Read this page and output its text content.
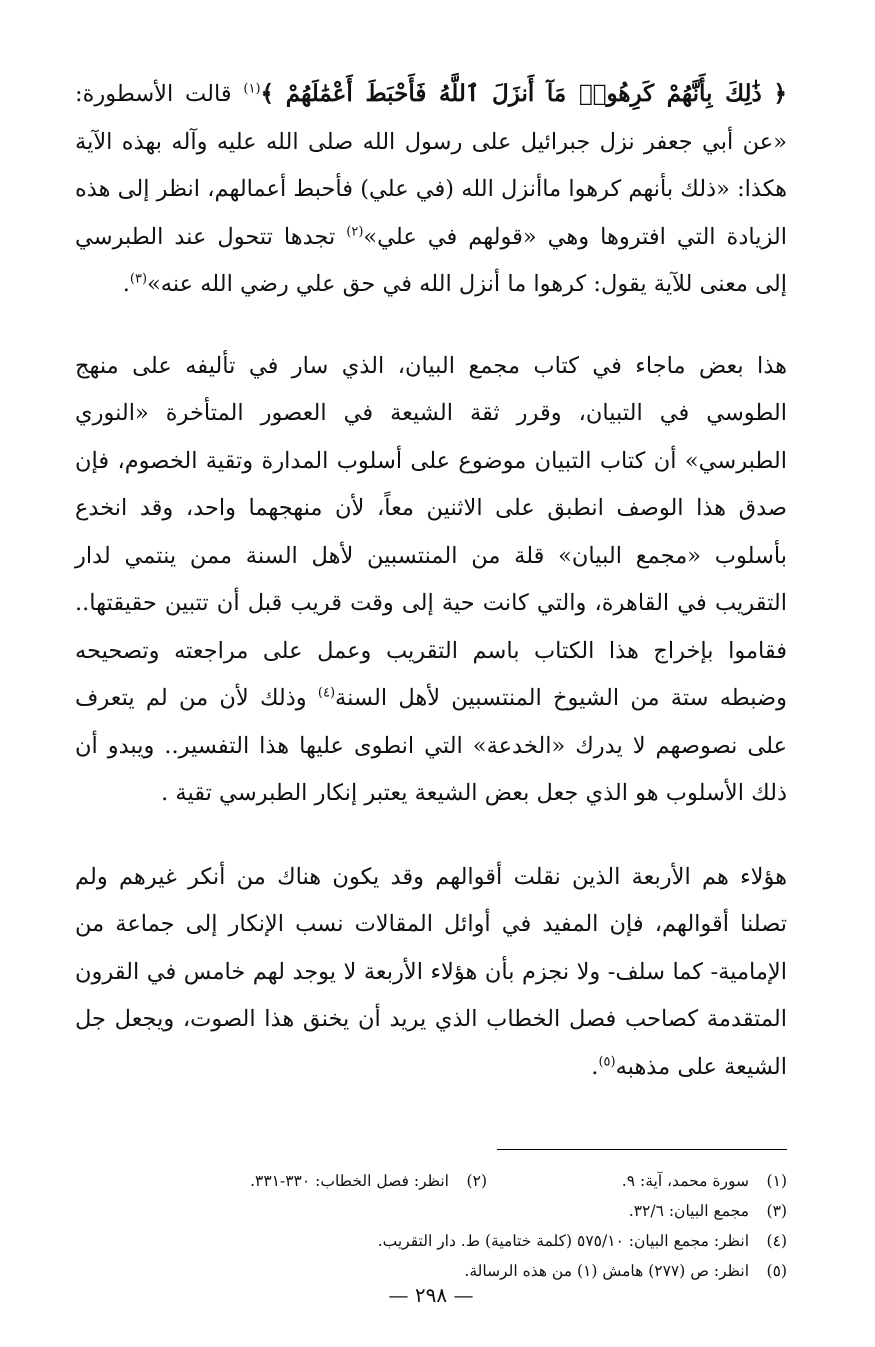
﴿ ذَٰلِكَ بِأَنَّهُمْ كَرِهُوا۟ مَآ أَنزَلَ ٱللَّهُ فَأَحْبَطَ أَعْمَٰلَهُمْ ﴾$^{(١)}$ قالت الأسطورة: «عن أبي جعفر نزل جبرائيل على رسول الله صلى الله عليه وآله بهذه الآية هكذا: «ذلك بأنهم كرهوا ماأنزل الله (في علي) فأحبط أعمالهم، انظر إلى هذه الزيادة التي افتروها وهي «قولهم في علي»$^{(٢)}$ تجدها تتحول عند الطبرسي إلى معنى للآية يقول: كرهوا ما أنزل الله في حق علي رضي الله عنه»$^{(٣)}$.

هذا بعض ماجاء في كتاب مجمع البيان، الذي سار في تأليفه على منهج الطوسي في التبيان، وقرر ثقة الشيعة في العصور المتأخرة «النوري الطبرسي» أن كتاب التبيان موضوع على أسلوب المدارة وتقية الخصوم، فإن صدق هذا الوصف انطبق على الاثنين معاً، لأن منهجهما واحد، وقد انخدع بأسلوب «مجمع البيان» قلة من المنتسبين لأهل السنة ممن ينتمي لدار التقريب في القاهرة، والتي كانت حية إلى وقت قريب قبل أن تتبين حقيقتها.. فقاموا بإخراج هذا الكتاب باسم التقريب وعمل على مراجعته وتصحيحه وضبطه ستة من الشيوخ المنتسبين لأهل السنة$^{(٤)}$ وذلك لأن من لم يتعرف على نصوصهم لا يدرك «الخدعة» التي انطوى عليها هذا التفسير.. ويبدو أن ذلك الأسلوب هو الذي جعل بعض الشيعة يعتبر إنكار الطبرسي تقية .

هؤلاء هم الأربعة الذين نقلت أقوالهم وقد يكون هناك من أنكر غيرهم ولم تصلنا أقوالهم، فإن المفيد في أوائل المقالات نسب الإنكار إلى جماعة من الإمامية- كما سلف- ولا نجزم بأن هؤلاء الأربعة لا يوجد لهم خامس في القرون المتقدمة كصاحب فصل الخطاب الذي يريد أن يخنق هذا الصوت، ويجعل جل الشيعة على مذهبه$^{(٥)}$.

(١)
سورة محمد، آية: ٩.
(٢)
انظر: فصل الخطاب: ٣٣٠-٣٣١.
(٣)
مجمع البيان: ٣٢/٦.
(٤)
انظر: مجمع البيان: ٥٧٥/١٠ (كلمة ختامية) ط. دار التقريب.
(٥)
انظر: ص (٢٧٧) هامش (١) من هذه الرسالة.
— ٢٩٨ —
